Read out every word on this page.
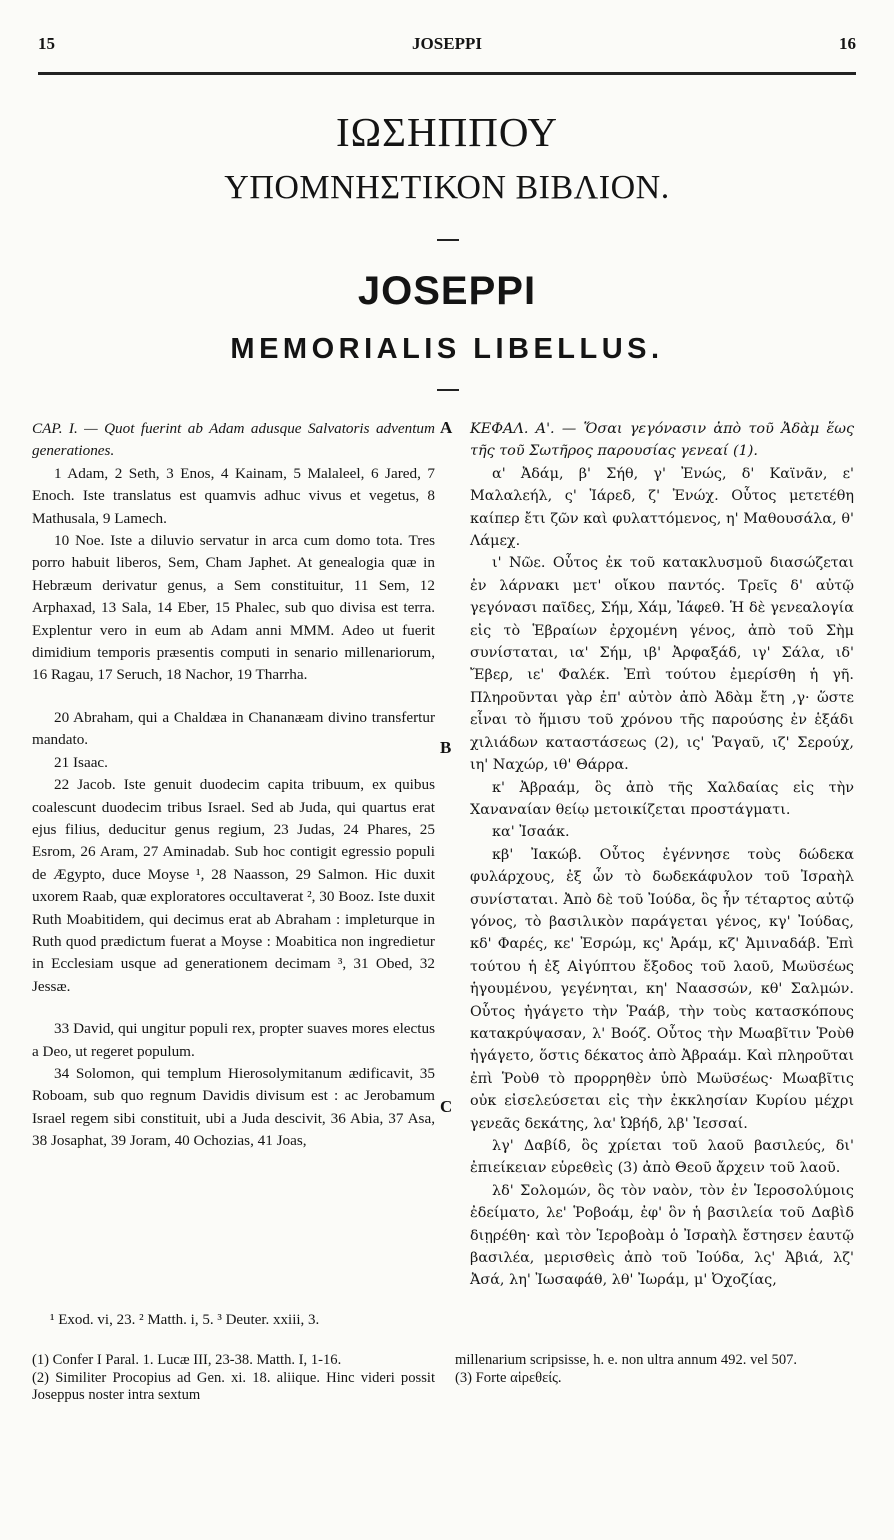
15	JOSEPPI	16
ΙΩΣΗΠΠΟΥ
ΥΠΟΜΝΗΣΤΙΚΟΝ ΒΙΒΛΙΟΝ.
JOSEPPI
MEMORIALIS LIBELLUS.
A
B
C

CAP. I. — Quot fuerint ab Adam adusque Salvatoris adventum generationes.

1 Adam, 2 Seth, 3 Enos, 4 Kainam, 5 Malaleel, 6 Jared, 7 Enoch. Iste translatus est quamvis adhuc vivus et vegetus, 8 Mathusala, 9 Lamech.

10 Noe. Iste a diluvio servatur in arca cum domo tota. Tres porro habuit liberos, Sem, Cham Japhet. At genealogia quæ in Hebræum derivatur genus, a Sem constituitur, 11 Sem, 12 Arphaxad, 13 Sala, 14 Eber, 15 Phalec, sub quo divisa est terra. Explentur vero in eum ab Adam anni MMM. Adeo ut fuerit dimidium temporis præsentis computi in senario millenariorum, 16 Ragau, 17 Seruch, 18 Nachor, 19 Tharrha.

20 Abraham, qui a Chaldæa in Chananæam divino transfertur mandato.

21 Isaac.

22 Jacob. Iste genuit duodecim capita tribuum, ex quibus coalescunt duodecim tribus Israel. Sed ab Juda, qui quartus erat ejus filius, deducitur genus regium, 23 Judas, 24 Phares, 25 Esrom, 26 Aram, 27 Aminadab. Sub hoc contigit egressio populi de Ægypto, duce Moyse ¹, 28 Naasson, 29 Salmon. Hic duxit uxorem Raab, quæ exploratores occultaverat ², 30 Booz. Iste duxit Ruth Moabitidem, qui decimus erat ab Abraham : impleturque in Ruth quod prædictum fuerat a Moyse : Moabitica non ingredietur in Ecclesiam usque ad generationem decimam ³, 31 Obed, 32 Jessæ.

33 David, qui ungitur populi rex, propter suaves mores electus a Deo, ut regeret populum.

34 Solomon, qui templum Hierosolymitanum ædificavit, 35 Roboam, sub quo regnum Davidis divisum est : ac Jerobamum Israel regem sibi constituit, ubi a Juda descivit, 36 Abia, 37 Asa, 38 Josaphat, 39 Joram, 40 Ochozias, 41 Joas,

ΚΕΦΑΛ. Α'. — Ὅσαι γεγόνασιν ἀπὸ τοῦ Ἀδὰμ ἕως τῆς τοῦ Σωτῆρος παρουσίας γενεαί (1).

α' Ἀδάμ, β' Σήθ, γ' Ἐνώς, δ' Καϊνᾶν, ε' Μαλαλεήλ, ς' Ἰάρεδ, ζ' Ἐνώχ. Οὗτος μετετέθη καίπερ ἔτι ζῶν καὶ φυλαττόμενος, η' Μαθουσάλα, θ' Λάμεχ.

ι' Νῶε. Οὗτος ἐκ τοῦ κατακλυσμοῦ διασώζεται ἐν λάρνακι μετ' οἴκου παντός. Τρεῖς δ' αὐτῷ γεγόνασι παῖδες, Σήμ, Χάμ, Ἰάφεθ. Ἡ δὲ γενεαλογία εἰς τὸ Ἑβραίων ἐρχομένη γένος, ἀπὸ τοῦ Σὴμ συνίσταται, ια' Σήμ, ιβ' Ἀρφαξάδ, ιγ' Σάλα, ιδ' Ἔβερ, ιε' Φαλέκ. Ἐπὶ τούτου ἐμερίσθη ἡ γῆ. Πληροῦνται γὰρ ἐπ' αὐτὸν ἀπὸ Ἀδὰμ ἔτη ,γ· ὥστε εἶναι τὸ ἥμισυ τοῦ χρόνου τῆς παρούσης ἐν ἑξάδι χιλιάδων καταστάσεως (2), ις' Ῥαγαῦ, ιζ' Σερούχ, ιη' Ναχώρ, ιθ' Θάρρα.

κ' Ἀβραάμ, ὃς ἀπὸ τῆς Χαλδαίας εἰς τὴν Χαναναίαν θείῳ μετοικίζεται προστάγματι.

κα' Ἰσαάκ.

κβ' Ἰακώβ. Οὗτος ἐγέννησε τοὺς δώδεκα φυλάρχους, ἐξ ὧν τὸ δωδεκάφυλον τοῦ Ἰσραὴλ συνίσταται. Ἀπὸ δὲ τοῦ Ἰούδα, ὃς ἦν τέταρτος αὐτῷ γόνος, τὸ βασιλικὸν παράγεται γένος, κγ' Ἰούδας, κδ' Φαρές, κε' Ἐσρώμ, κς' Ἀράμ, κζ' Ἀμιναδάβ. Ἐπὶ τούτου ἡ ἐξ Αἰγύπτου ἔξοδος τοῦ λαοῦ, Μωϋσέως ἡγουμένου, γεγένηται, κη' Ναασσών, κθ' Σαλμών. Οὗτος ἠγάγετο τὴν Ῥαάβ, τὴν τοὺς κατασκόπους κατακρύψασαν, λ' Βοόζ. Οὗτος τὴν Μωαβῖτιν Ῥοὺθ ἠγάγετο, ὅστις δέκατος ἀπὸ Ἀβραάμ. Καὶ πληροῦται ἐπὶ Ῥοὺθ τὸ προρρηθὲν ὑπὸ Μωϋσέως· Μωαβῖτις οὐκ εἰσελεύσεται εἰς τὴν ἐκκλησίαν Κυρίου μέχρι γενεᾶς δεκάτης, λα' Ὠβήδ, λβ' Ἰεσσαί.

λγ' Δαβίδ, ὃς χρίεται τοῦ λαοῦ βασιλεύς, δι' ἐπιείκειαν εὑρεθεὶς (3) ἀπὸ Θεοῦ ἄρχειν τοῦ λαοῦ.

λδ' Σολομών, ὃς τὸν ναὸν, τὸν ἐν Ἱεροσολύμοις ἐδείματο, λε' Ῥοβοάμ, ἐφ' ὃν ἡ βασιλεία τοῦ Δαβὶδ διῃρέθη· καὶ τὸν Ἱεροβοὰμ ὁ Ἰσραὴλ ἔστησεν ἑαυτῷ βασιλέα, μερισθεὶς ἀπὸ τοῦ Ἰούδα, λς' Ἀβιά, λζ' Ἀσά, λη' Ἰωσαφάθ, λθ' Ἰωράμ, μ' Ὀχοζίας,

¹ Exod. vi, 23. ² Matth. i, 5. ³ Deuter. xxiii, 3.

(1) Confer I Paral. 1. Lucæ III, 23-38. Matth. I, 1-16.

(2) Similiter Procopius ad Gen. xi. 18. aliique. Hinc videri possit Joseppus noster intra sextum

millenarium scripsisse, h. e. non ultra annum 492. vel 507.

(3) Forte αἱρεθείς.
